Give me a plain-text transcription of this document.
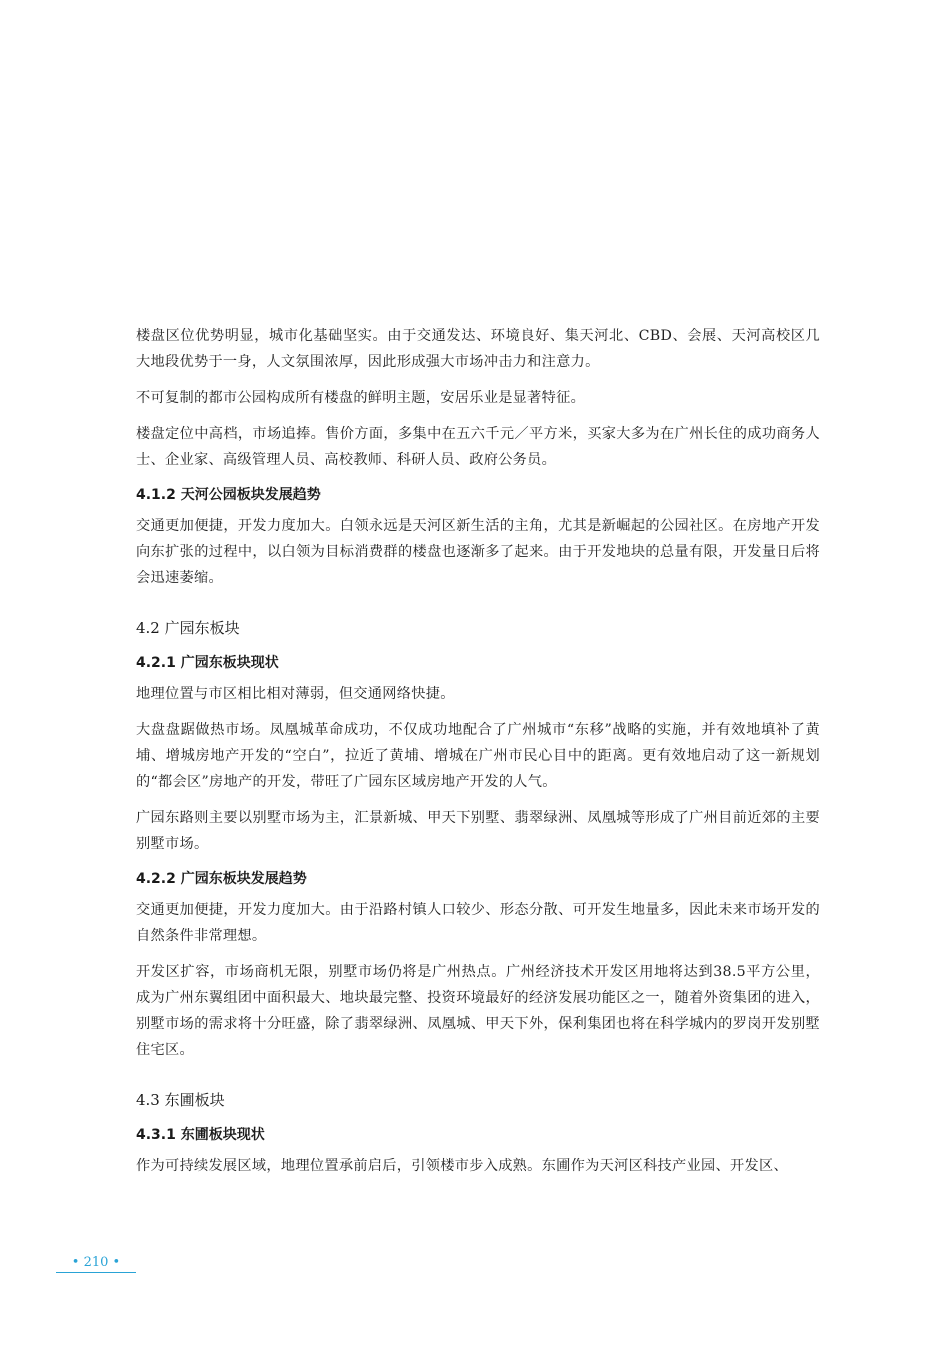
楼盘区位优势明显，城市化基础坚实。由于交通发达、环境良好、集天河北、CBD、会展、天河高校区几大地段优势于一身，人文氛围浓厚，因此形成强大市场冲击力和注意力。

不可复制的都市公园构成所有楼盘的鲜明主题，安居乐业是显著特征。

楼盘定位中高档，市场追捧。售价方面，多集中在五六千元／平方米，买家大多为在广州长住的成功商务人士、企业家、高级管理人员、高校教师、科研人员、政府公务员。

4.1.2 天河公园板块发展趋势

交通更加便捷，开发力度加大。白领永远是天河区新生活的主角，尤其是新崛起的公园社区。在房地产开发向东扩张的过程中，以白领为目标消费群的楼盘也逐渐多了起来。由于开发地块的总量有限，开发量日后将会迅速萎缩。

4.2 广园东板块
4.2.1 广园东板块现状

地理位置与市区相比相对薄弱，但交通网络快捷。

大盘盘踞做热市场。凤凰城革命成功，不仅成功地配合了广州城市“东移”战略的实施，并有效地填补了黄埔、增城房地产开发的“空白”，拉近了黄埔、增城在广州市民心目中的距离。更有效地启动了这一新规划的“都会区”房地产的开发，带旺了广园东区域房地产开发的人气。

广园东路则主要以别墅市场为主，汇景新城、甲天下别墅、翡翠绿洲、凤凰城等形成了广州目前近郊的主要别墅市场。

4.2.2 广园东板块发展趋势

交通更加便捷，开发力度加大。由于沿路村镇人口较少、形态分散、可开发生地量多，因此未来市场开发的自然条件非常理想。

开发区扩容，市场商机无限，别墅市场仍将是广州热点。广州经济技术开发区用地将达到38.5平方公里，成为广州东翼组团中面积最大、地块最完整、投资环境最好的经济发展功能区之一，随着外资集团的进入，别墅市场的需求将十分旺盛，除了翡翠绿洲、凤凰城、甲天下外，保利集团也将在科学城内的罗岗开发别墅住宅区。

4.3 东圃板块
4.3.1 东圃板块现状

作为可持续发展区域，地理位置承前启后，引领楼市步入成熟。东圃作为天河区科技产业园、开发区、

• 210 •
